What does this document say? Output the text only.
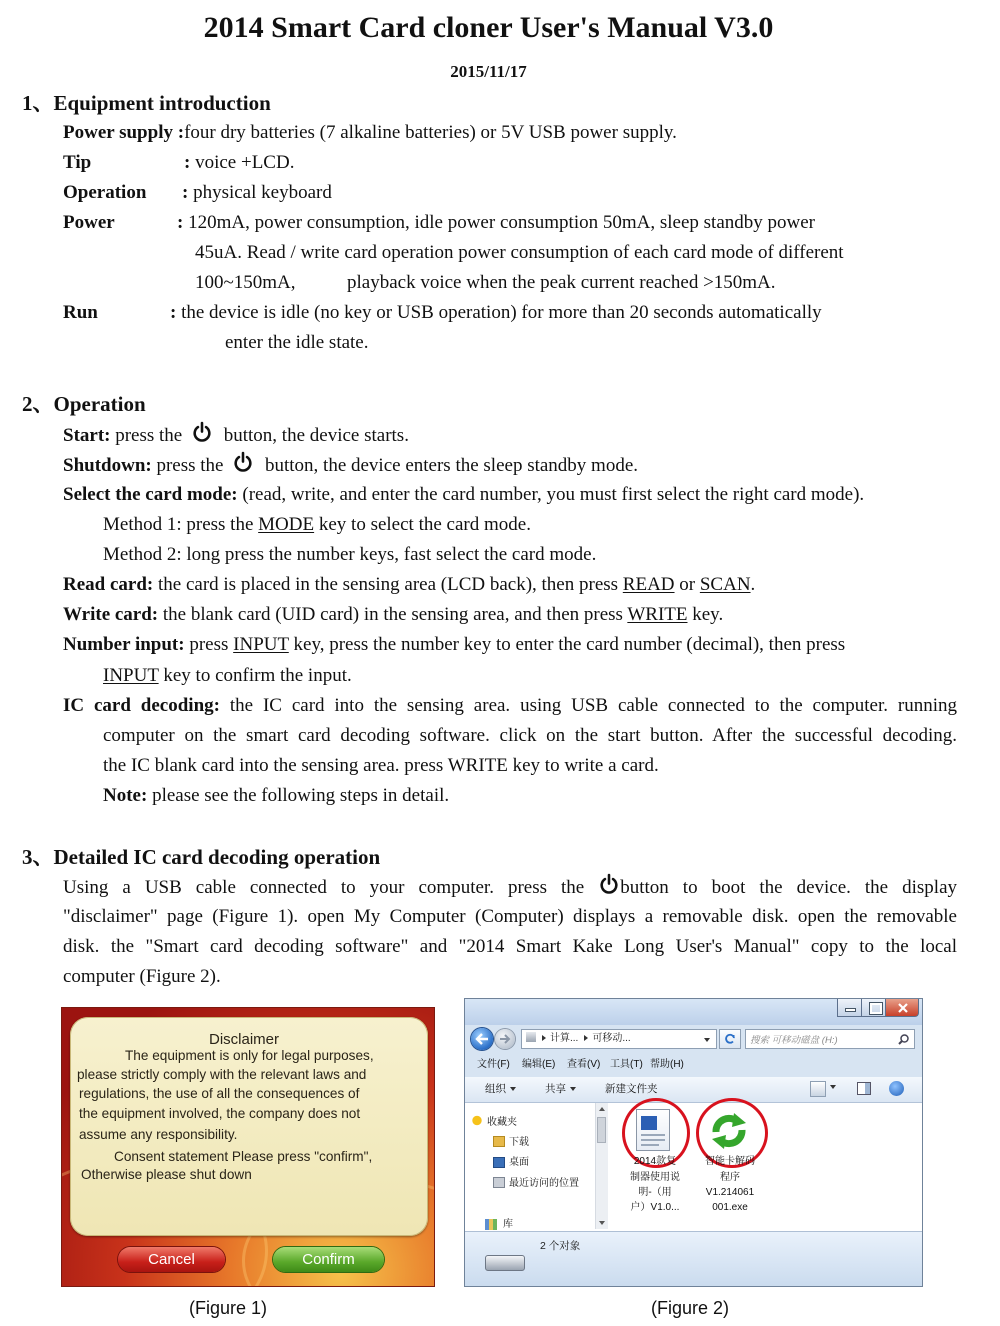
2014 Smart Card cloner User's Manual V3.0
2015/11/17
1、Equipment introduction
Power supply :four dry batteries (7 alkaline batteries) or 5V USB power supply.
Tip	: voice +LCD.
Operation : physical keyboard
Power	: 120mA, power consumption, idle power consumption 50mA, sleep standby power
45uA. Read / write card operation power consumption of each card mode of different
100~150mA,	playback voice when the peak current reached >150mA.
Run	: the device is idle (no key or USB operation) for more than 20 seconds automatically
enter the idle state.
2、Operation
Start: press the
button, the device starts.
Shutdown: press the
button, the device enters the sleep standby mode.
Select the card mode: (read, write, and enter the card number, you must first select the right card mode).
Method 1: press the MODE key to select the card mode.
Method 2: long press the number keys, fast select the card mode.
Read card: the card is placed in the sensing area (LCD back), then press READ or SCAN.
Write card: the blank card (UID card) in the sensing area, and then press WRITE key.
Number input: press INPUT key, press the number key to enter the card number (decimal), then press
INPUT key to confirm the input.
IC card decoding: the IC card into the sensing area. using USB cable connected to the computer. running
computer on the smart card decoding software. click on the start button. After the successful decoding.
the IC blank card into the sensing area. press WRITE key to write a card.
Note: please see the following steps in detail.
3、Detailed IC card decoding operation
Using a USB cable connected to your computer. press the button to boot the device. the display
"disclaimer" page (Figure 1). open My Computer (Computer) displays a removable disk. open the removable
disk. the "Smart card decoding software" and "2014 Smart Kake Long User's Manual" copy to the local
computer (Figure 2).
Disclaimer
The equipment is only for legal purposes,
please strictly comply with the relevant laws and
regulations, the use of all the consequences of
the equipment involved, the company does not
assume any responsibility.
Consent statement Please press "confirm",
Otherwise please shut down
Cancel	Confirm
计算... 可移动...
搜索 可移动磁盘 (H:)
文件(F) 编辑(E) 查看(V) 工具(T) 帮助(H)
组织	共享	新建文件夹
收藏夹
下载
桌面
最近访问的位置
库
2014款复
制器使用说
明-（用
户）V1.0...
智能卡解码
程序
V1.214061
001.exe
2 个对象
(Figure 1)	(Figure 2)
